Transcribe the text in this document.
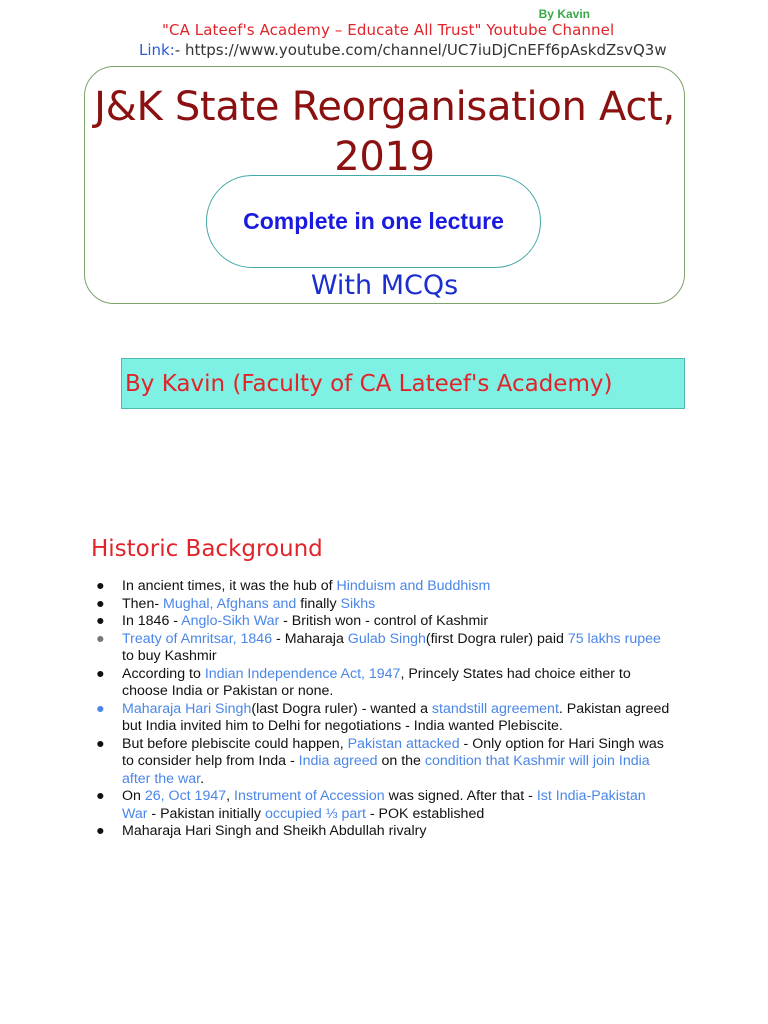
By Kavin
"CA Lateef's Academy – Educate All Trust" Youtube Channel
Link:- https://www.youtube.com/channel/UC7iuDjCnEFf6pAskdZsvQ3w
J&K State Reorganisation Act,
2019
Complete in one lecture
With MCQs
By Kavin (Faculty of CA Lateef's Academy)
Historic Background
● In ancient times, it was the hub of Hinduism and Buddhism
● Then- Mughal, Afghans and finally Sikhs
● In 1846 - Anglo-Sikh War - British won - control of Kashmir
● Treaty of Amritsar, 1846 - Maharaja Gulab Singh(first Dogra ruler) paid 75 lakhs rupee
to buy Kashmir
● According to Indian Independence Act, 1947, Princely States had choice either to
choose India or Pakistan or none.
● Maharaja Hari Singh(last Dogra ruler) - wanted a standstill agreement. Pakistan agreed
but India invited him to Delhi for negotiations - India wanted Plebiscite.
● But before plebiscite could happen, Pakistan attacked - Only option for Hari Singh was
to consider help from Inda - India agreed on the condition that Kashmir will join India
after the war.
● On 26, Oct 1947, Instrument of Accession was signed. After that - Ist India-Pakistan
War - Pakistan initially occupied ⅓ part - POK established
● Maharaja Hari Singh and Sheikh Abdullah rivalry
